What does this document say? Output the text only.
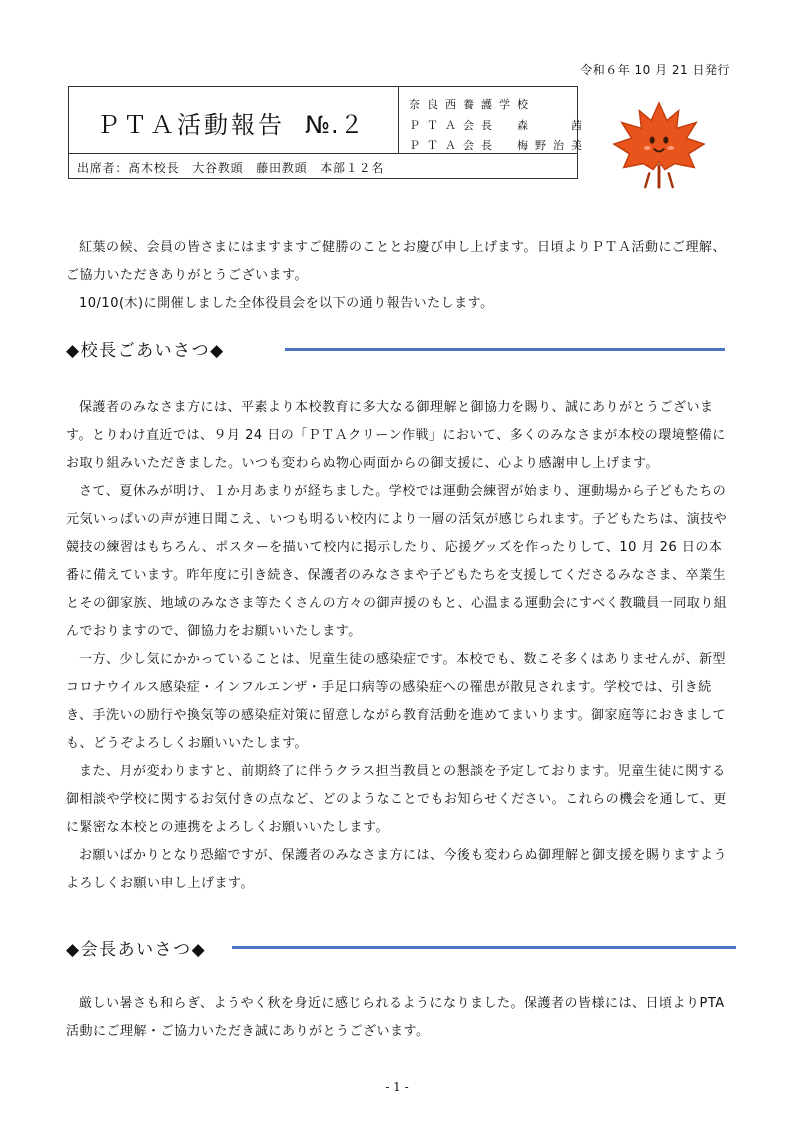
令和６年 10 月 21 日発行
ＰＴＡ活動報告 №.２
奈良西養護学校
ＰＴＡ会長　森　　茜
ＰＴＡ会長　梅野治美
出席者：髙木校長　大谷教頭　藤田教頭　本部１２名

紅葉の候、会員の皆さまにはますますご健勝のこととお慶び申し上げます。日頃よりＰＴＡ活動にご理解、ご協力いただきありがとうございます。

10/10(木)に開催しました全体役員会を以下の通り報告いたします。

◆校長ごあいさつ◆

保護者のみなさま方には、平素より本校教育に多大なる御理解と御協力を賜り、誠にありがとうございます。とりわけ直近では、９月 24 日の「ＰＴＡクリーン作戦」において、多くのみなさまが本校の環境整備にお取り組みいただきました。いつも変わらぬ物心両面からの御支援に、心より感謝申し上げます。

さて、夏休みが明け、１か月あまりが経ちました。学校では運動会練習が始まり、運動場から子どもたちの元気いっぱいの声が連日聞こえ、いつも明るい校内により一層の活気が感じられます。子どもたちは、演技や競技の練習はもちろん、ポスターを描いて校内に掲示したり、応援グッズを作ったりして、10 月 26 日の本番に備えています。昨年度に引き続き、保護者のみなさまや子どもたちを支援してくださるみなさま、卒業生とその御家族、地域のみなさま等たくさんの方々の御声援のもと、心温まる運動会にすべく教職員一同取り組んでおりますので、御協力をお願いいたします。

一方、少し気にかかっていることは、児童生徒の感染症です。本校でも、数こそ多くはありませんが、新型コロナウイルス感染症・インフルエンザ・手足口病等の感染症への罹患が散見されます。学校では、引き続き、手洗いの励行や換気等の感染症対策に留意しながら教育活動を進めてまいります。御家庭等におきましても、どうぞよろしくお願いいたします。

また、月が変わりますと、前期終了に伴うクラス担当教員との懇談を予定しております。児童生徒に関する御相談や学校に関するお気付きの点など、どのようなことでもお知らせください。これらの機会を通して、更に緊密な本校との連携をよろしくお願いいたします。

お願いばかりとなり恐縮ですが、保護者のみなさま方には、今後も変わらぬ御理解と御支援を賜りますようよろしくお願い申し上げます。

◆会長あいさつ◆

厳しい暑さも和らぎ、ようやく秋を身近に感じられるようになりました。保護者の皆様には、日頃よりPTA 活動にご理解・ご協力いただき誠にありがとうございます。

- 1 -
